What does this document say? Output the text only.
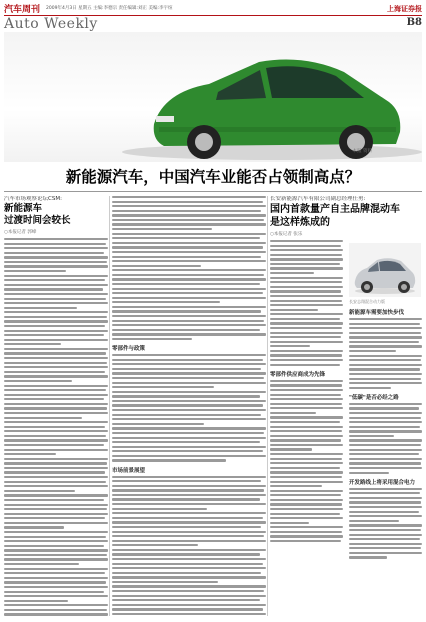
汽车周刊 2009年4月3日 星期五 主编:李德宗 责任编辑:刘正 美编:李宇煊	上海证券报
Auto Weekly	B8
本报 资料
新能源汽车，中国汽车业能否占领制高点？
汽车市场观察论坛CSM:
新能源车
过渡时间会较长
○本报记者 郭峰
零部件与政策
市场前景展望
长安新能源汽车有限公司副总经理任勇:
国内首款量产自主品牌混动车
是这样炼成的
○本报记者 张乐
零部件供应商成为先锋
长安志翔混合动力版
新能源车需要加快步伐
"低碳"是否必经之路
开发路线上将采用混合电力
